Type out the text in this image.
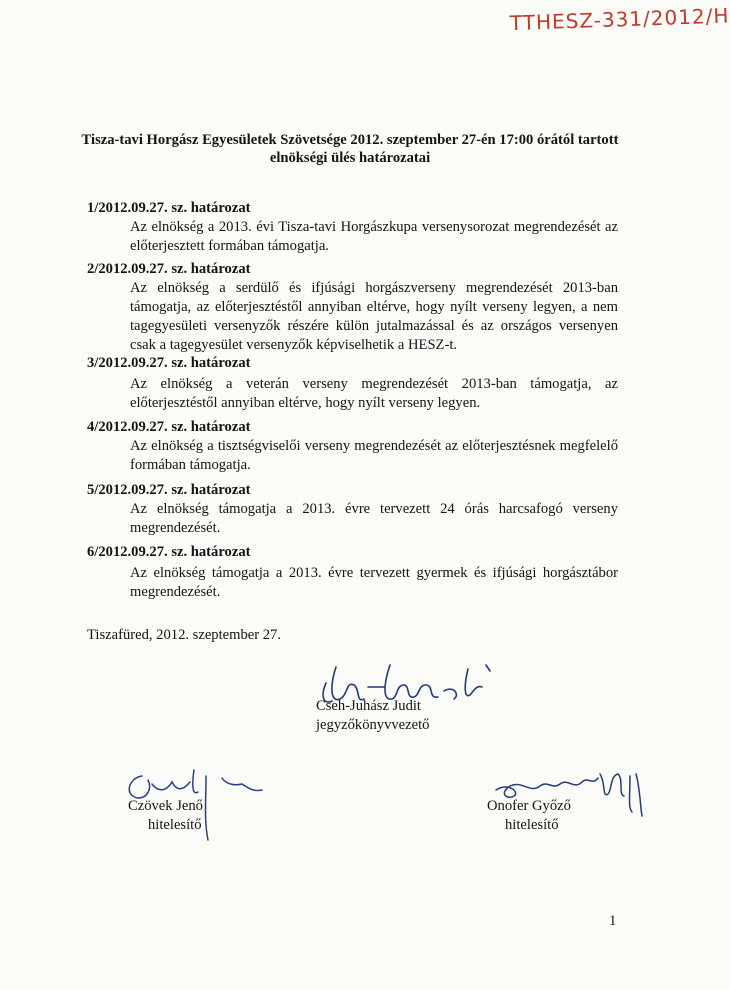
TTHESZ-331/2012/H
Tisza-tavi Horgász Egyesületek Szövetsége 2012. szeptember 27-én 17:00 órától tartott
elnökségi ülés határozatai
1/2012.09.27. sz. határozat
Az elnökség a 2013. évi Tisza-tavi Horgászkupa versenysorozat megrendezését az előterjesztett formában támogatja.
2/2012.09.27. sz. határozat
Az elnökség a serdülő és ifjúsági horgászverseny megrendezését 2013-ban támogatja, az előterjesztéstől annyiban eltérve, hogy nyílt verseny legyen, a nem tagegyesületi versenyzők részére külön jutalmazással és az országos versenyen csak a tagegyesület versenyzők képviselhetik a HESZ-t.
3/2012.09.27. sz. határozat
Az elnökség a veterán verseny megrendezését 2013-ban támogatja, az előterjesztéstől annyiban eltérve, hogy nyílt verseny legyen.
4/2012.09.27. sz. határozat
Az elnökség a tisztségviselői verseny megrendezését az előterjesztésnek megfelelő formában támogatja.
5/2012.09.27. sz. határozat
Az elnökség támogatja a 2013. évre tervezett 24 órás harcsafogó verseny megrendezését.
6/2012.09.27. sz. határozat
Az elnökség támogatja a 2013. évre tervezett gyermek és ifjúsági horgásztábor megrendezését.
Tiszafüred, 2012. szeptember 27.
Cseh-Juhász Judit
jegyzőkönyvvezető
Czövek Jenő
hitelesítő
Onofer Győző
hitelesítő
1
